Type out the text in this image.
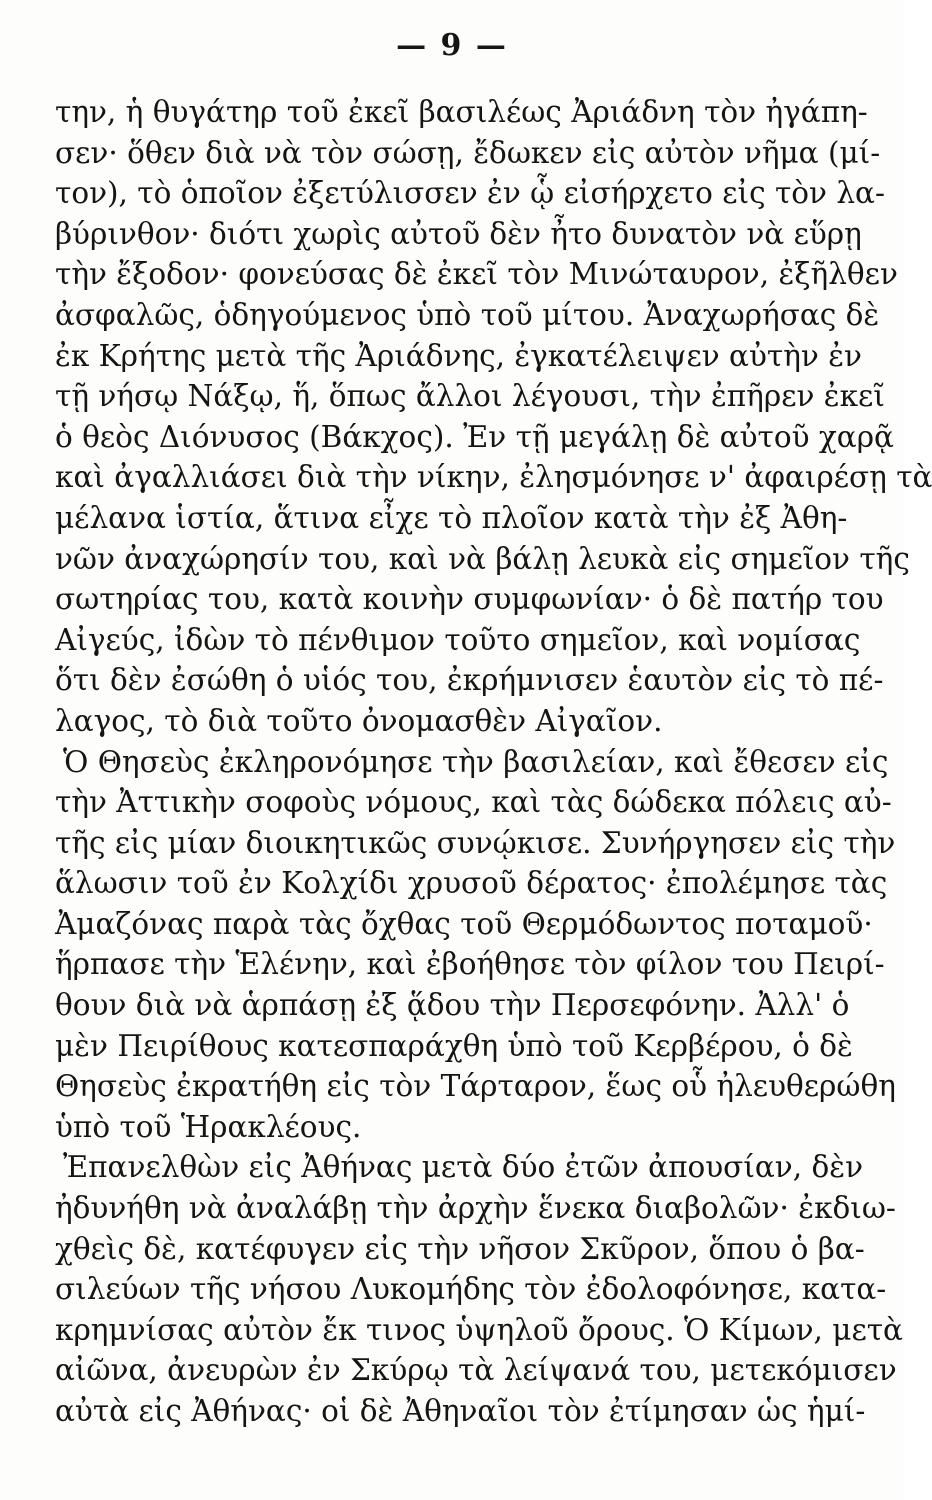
— 9 —
την, ἡ θυγάτηρ τοῦ ἐκεῖ βασιλέως Ἀριάδνη τὸν ἠγάπη-
σεν· ὅθεν διὰ νὰ τὸν σώσῃ, ἔδωκεν εἰς αὐτὸν νῆμα (μί-
τον), τὸ ὁποῖον ἐξετύλισσεν ἐν ᾧ εἰσήρχετο εἰς τὸν λα-
βύρινθον· διότι χωρὶς αὐτοῦ δὲν ἦτο δυνατὸν νὰ εὕρῃ
τὴν ἔξοδον· φονεύσας δὲ ἐκεῖ τὸν Μινώταυρον, ἐξῆλθεν
ἀσφαλῶς, ὁδηγούμενος ὑπὸ τοῦ μίτου. Ἀναχωρήσας δὲ
ἐκ Κρήτης μετὰ τῆς Ἀριάδνης, ἐγκατέλειψεν αὐτὴν ἐν
τῇ νήσῳ Νάξῳ, ἥ, ὅπως ἄλλοι λέγουσι, τὴν ἐπῆρεν ἐκεῖ
ὁ θεὸς Διόνυσος (Βάκχος). Ἐν τῇ μεγάλῃ δὲ αὐτοῦ χαρᾷ
καὶ ἀγαλλιάσει διὰ τὴν νίκην, ἐλησμόνησε ν' ἀφαιρέσῃ τὰ
μέλανα ἱστία, ἅτινα εἶχε τὸ πλοῖον κατὰ τὴν ἐξ Ἀθη-
νῶν ἀναχώρησίν του, καὶ νὰ βάλῃ λευκὰ εἰς σημεῖον τῆς
σωτηρίας του, κατὰ κοινὴν συμφωνίαν· ὁ δὲ πατήρ του
Αἰγεύς, ἰδὼν τὸ πένθιμον τοῦτο σημεῖον, καὶ νομίσας
ὅτι δὲν ἐσώθη ὁ υἱός του, ἐκρήμνισεν ἑαυτὸν εἰς τὸ πέ-
λαγος, τὸ διὰ τοῦτο ὀνομασθὲν Αἰγαῖον.
Ὁ Θησεὺς ἐκληρονόμησε τὴν βασιλείαν, καὶ ἔθεσεν εἰς
τὴν Ἀττικὴν σοφοὺς νόμους, καὶ τὰς δώδεκα πόλεις αὐ-
τῆς εἰς μίαν διοικητικῶς συνῴκισε. Συνήργησεν εἰς τὴν
ἅλωσιν τοῦ ἐν Κολχίδι χρυσοῦ δέρατος· ἐπολέμησε τὰς
Ἀμαζόνας παρὰ τὰς ὄχθας τοῦ Θερμόδωντος ποταμοῦ·
ἥρπασε τὴν Ἑλένην, καὶ ἐβοήθησε τὸν φίλον του Πειρί-
θουν διὰ νὰ ἁρπάσῃ ἐξ ᾅδου τὴν Περσεφόνην. Ἀλλ' ὁ
μὲν Πειρίθους κατεσπαράχθη ὑπὸ τοῦ Κερβέρου, ὁ δὲ
Θησεὺς ἐκρατήθη εἰς τὸν Τάρταρον, ἕως οὗ ἠλευθερώθη
ὑπὸ τοῦ Ἡρακλέους.
Ἐπανελθὼν εἰς Ἀθήνας μετὰ δύο ἐτῶν ἀπουσίαν, δὲν
ἠδυνήθη νὰ ἀναλάβῃ τὴν ἀρχὴν ἕνεκα διαβολῶν· ἐκδιω-
χθεὶς δὲ, κατέφυγεν εἰς τὴν νῆσον Σκῦρον, ὅπου ὁ βα-
σιλεύων τῆς νήσου Λυκομήδης τὸν ἐδολοφόνησε, κατα-
κρημνίσας αὐτὸν ἔκ τινος ὑψηλοῦ ὄρους. Ὁ Κίμων, μετὰ
αἰῶνα, ἀνευρὼν ἐν Σκύρῳ τὰ λείψανά του, μετεκόμισεν
αὐτὰ εἰς Ἀθήνας· οἱ δὲ Ἀθηναῖοι τὸν ἐτίμησαν ὡς ἡμί-
